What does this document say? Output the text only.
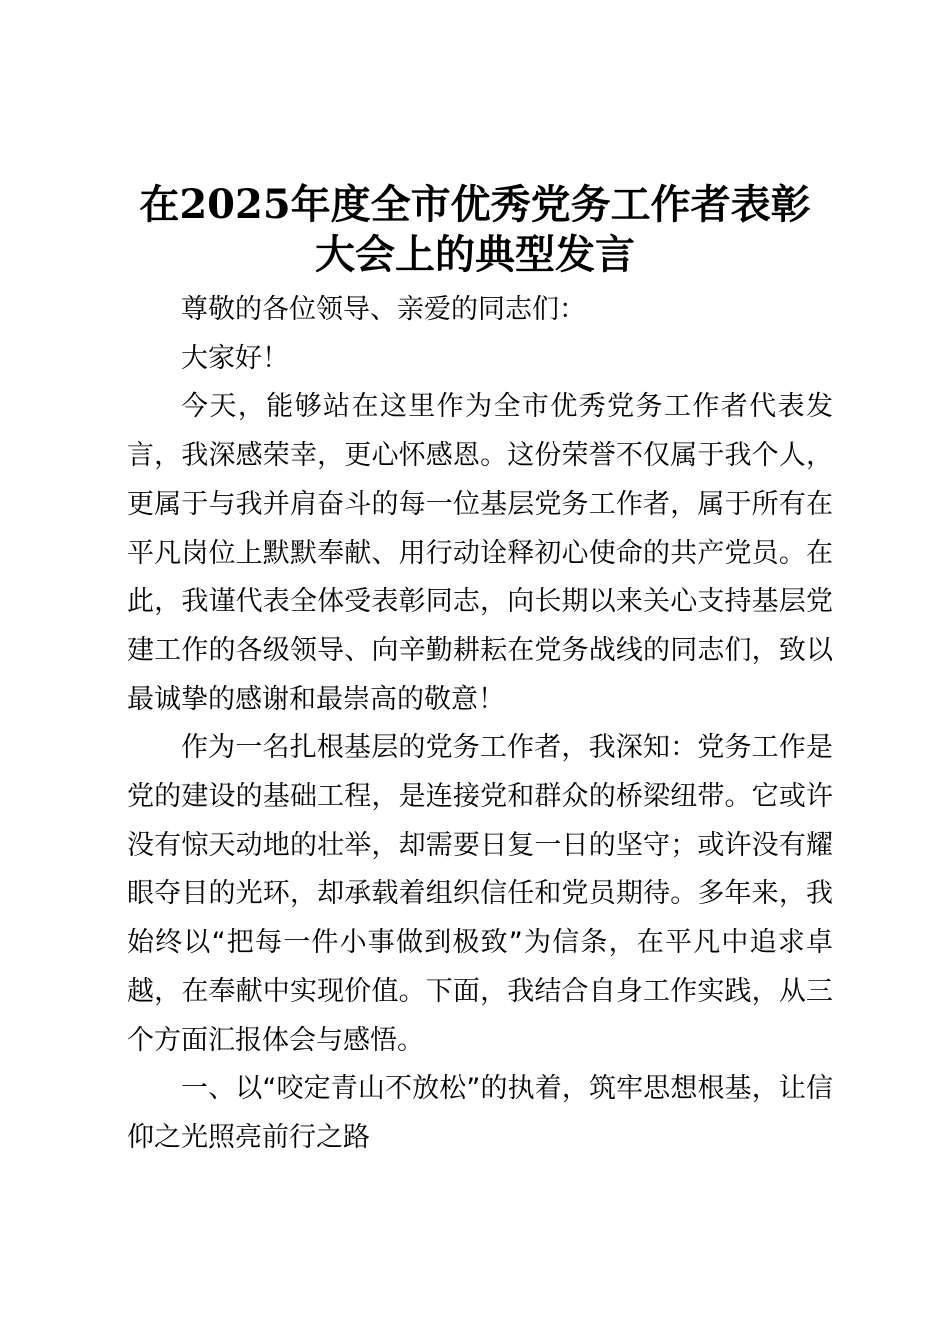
在2025年度全市优秀党务工作者表彰
大会上的典型发言

尊敬的各位领导、亲爱的同志们：

大家好！

今天，能够站在这里作为全市优秀党务工作者代表发言，我深感荣幸，更心怀感恩。这份荣誉不仅属于我个人，更属于与我并肩奋斗的每一位基层党务工作者，属于所有在平凡岗位上默默奉献、用行动诠释初心使命的共产党员。在此，我谨代表全体受表彰同志，向长期以来关心支持基层党建工作的各级领导、向辛勤耕耘在党务战线的同志们，致以最诚挚的感谢和最崇高的敬意！

作为一名扎根基层的党务工作者，我深知：党务工作是党的建设的基础工程，是连接党和群众的桥梁纽带。它或许没有惊天动地的壮举，却需要日复一日的坚守；或许没有耀眼夺目的光环，却承载着组织信任和党员期待。多年来，我始终以“把每一件小事做到极致”为信条，在平凡中追求卓越，在奉献中实现价值。下面，我结合自身工作实践，从三个方面汇报体会与感悟。

一、以“咬定青山不放松”的执着，筑牢思想根基，让信仰之光照亮前行之路
